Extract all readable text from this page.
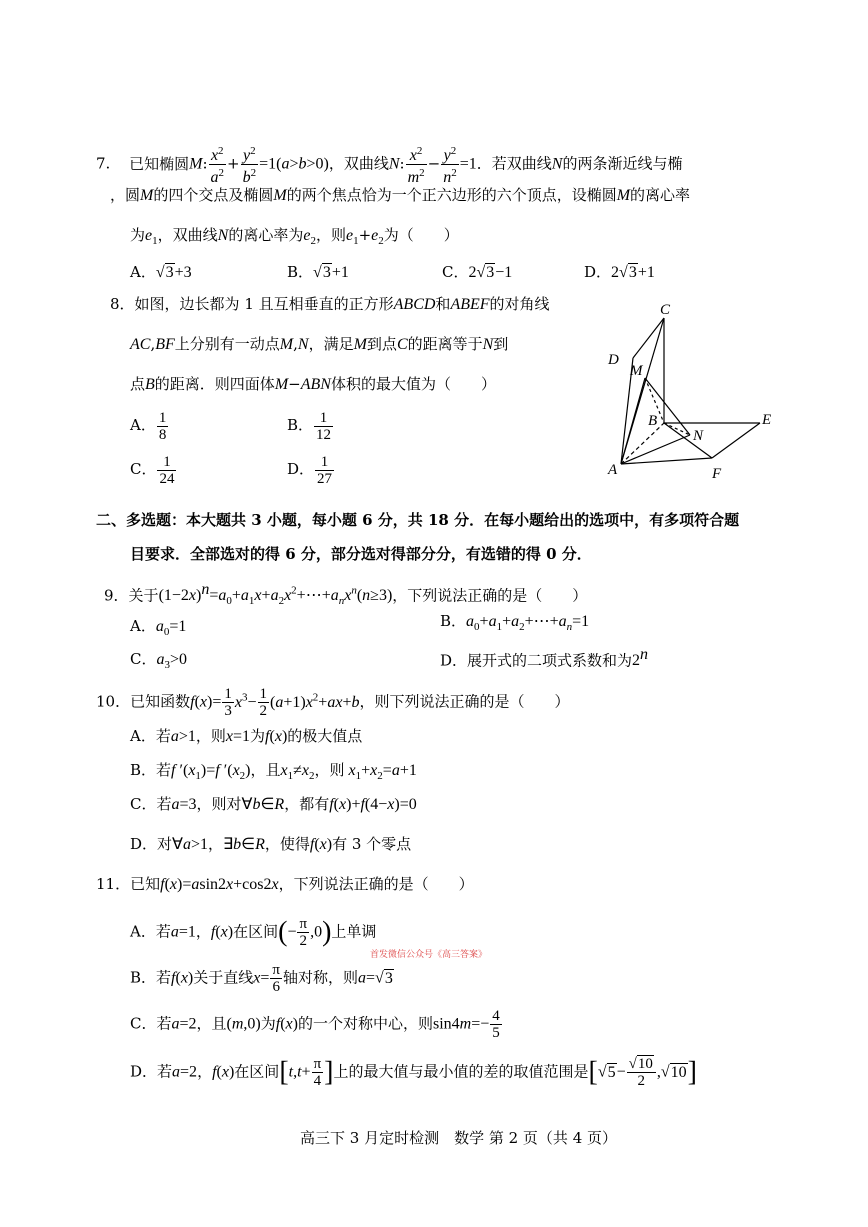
7. 已知椭圆M: $\frac{x^2}{a^2} + \frac{y^2}{b^2} =1(a>b>0)$，双曲线N: $\frac{x^2}{m^2} - \frac{y^2}{n^2} =1$．若双曲线N的两条渐近线与椭
，圆M的四个交点及椭圆M的两个焦点恰为一个正六边形的六个顶点，设椭圆M的离心率
为$e_1$，双曲线N的离心率为$e_2$，则$e_1+e_2$为（　　）
A．√3+3	B．√3+1	C．2√3−1	D．2√3+1
8．如图，边长都为 1 且互相垂直的正方形ABCD和ABEF的对角线
AC,BF上分别有一动点M,N，满足M到点C的距离等于N到
点B的距离．则四面体M−ABN体积的最大值为（　　）
A． $\frac{1}{8}$	B． $\frac{1}{12}$
C． $\frac{1}{24}$	D． $\frac{1}{27}$
C
D
M
B
N
E
A	F
二、多选题：本大题共 3 小题，每小题 6 分，共 18 分．在每小题给出的选项中，有多项符合题
目要求．全部选对的得 6 分，部分选对得部分分，有选错的得 0 分．
9．关于$(1-2x)^n=a_0+a_1x+a_2x^2+\cdots+a_nx^n(n\ge 3)$，下列说法正确的是（　　）
A．$a_0=1$	B．$a_0+a_1+a_2+\cdots+a_n=1$
C．$a_3>0$	D．展开式的二项式系数和为2$^n$
10．已知函数$f(x)= \frac{1}{3} x^3- \frac{1}{2} (a+1)x^2+ax+b$，则下列说法正确的是（　　）
A．若a>1，则x=1为f(x)的极大值点
B．若f $'(x_1)=f$ $'(x_2)$，且$x_1\ne x_2$，则 $x_1+x_2=a+1$
C．若a=3，则对∀b∈R，都有f(x)+f(4−x)=0
D．对∀a>1，∃b∈R，使得f(x)有 3 个零点
11．已知f(x)=asin2x+cos2x，下列说法正确的是（　　）
A．若a=1，f(x)在区间(− $\frac{\pi}{2} ,0$)上单调
首发微信公众号《高三答案》
B．若f(x)关于直线$x= \frac{\pi}{6}$ 轴对称，则a=√3
C．若a=2，且(m,0)为f(x)的一个对称中心，则$\sin 4m=- \frac{4}{5}$
D．若a=2，f(x)在区间[$t,t+ \frac{\pi}{4}$ ]上的最大值与最小值的差的取值范围是$[√5- \frac{√10}{2} ,√10]$
高三下 3 月定时检测　数学 第 2 页（共 4 页）
